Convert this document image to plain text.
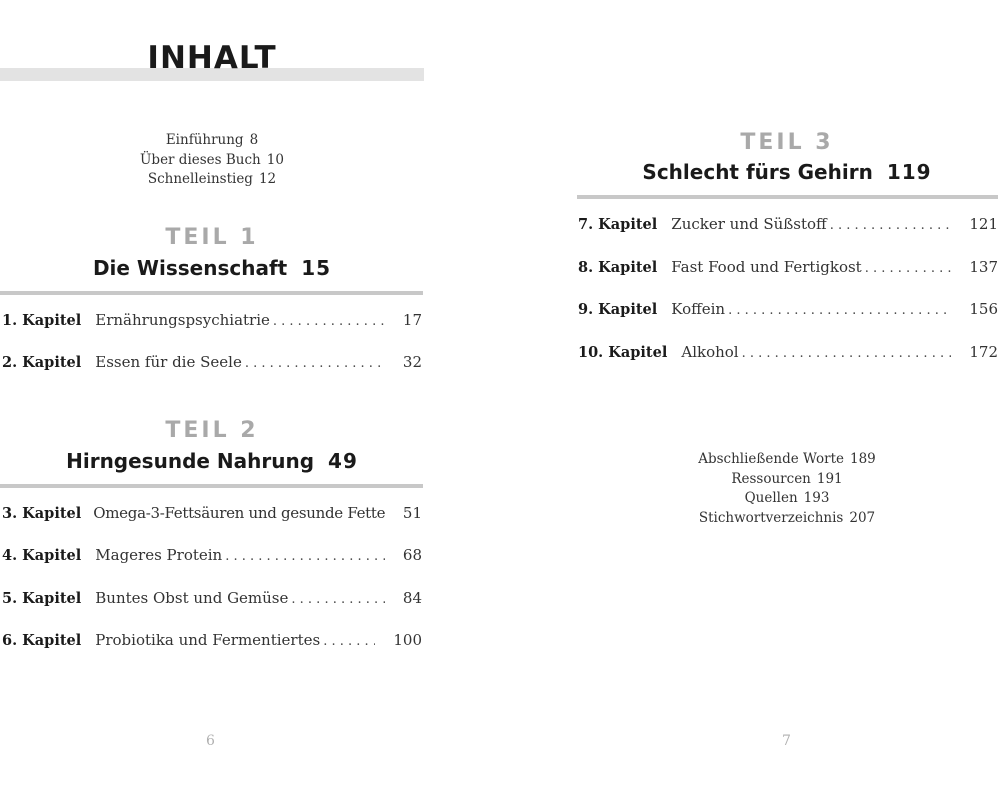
INHALT
Einführung 8
Über dieses Buch 10
Schnelleinstieg 12
TEIL 1
Die Wissenschaft 15
1. Kapitel Ernährungspsychiatrie . . .	17
2. Kapitel Essen für die Seele . . .	32
TEIL 2
Hirngesunde Nahrung 49
3. Kapitel Omega-3-Fettsäuren und gesunde Fette 51
4. Kapitel Mageres Protein . . .	68
5. Kapitel Buntes Obst und Gemüse . . .	84
6. Kapitel Probiotika und Fermentiertes . . .	100
6
TEIL 3
Schlecht fürs Gehirn 119
7. Kapitel Zucker und Süßstoff . . .	121
8. Kapitel Fast Food und Fertigkost . . .	137
9. Kapitel Koffein . . .	156
10. Kapitel Alkohol . . .	172
Abschließende Worte 189
Ressourcen 191
Quellen 193
Stichwortverzeichnis 207
7
